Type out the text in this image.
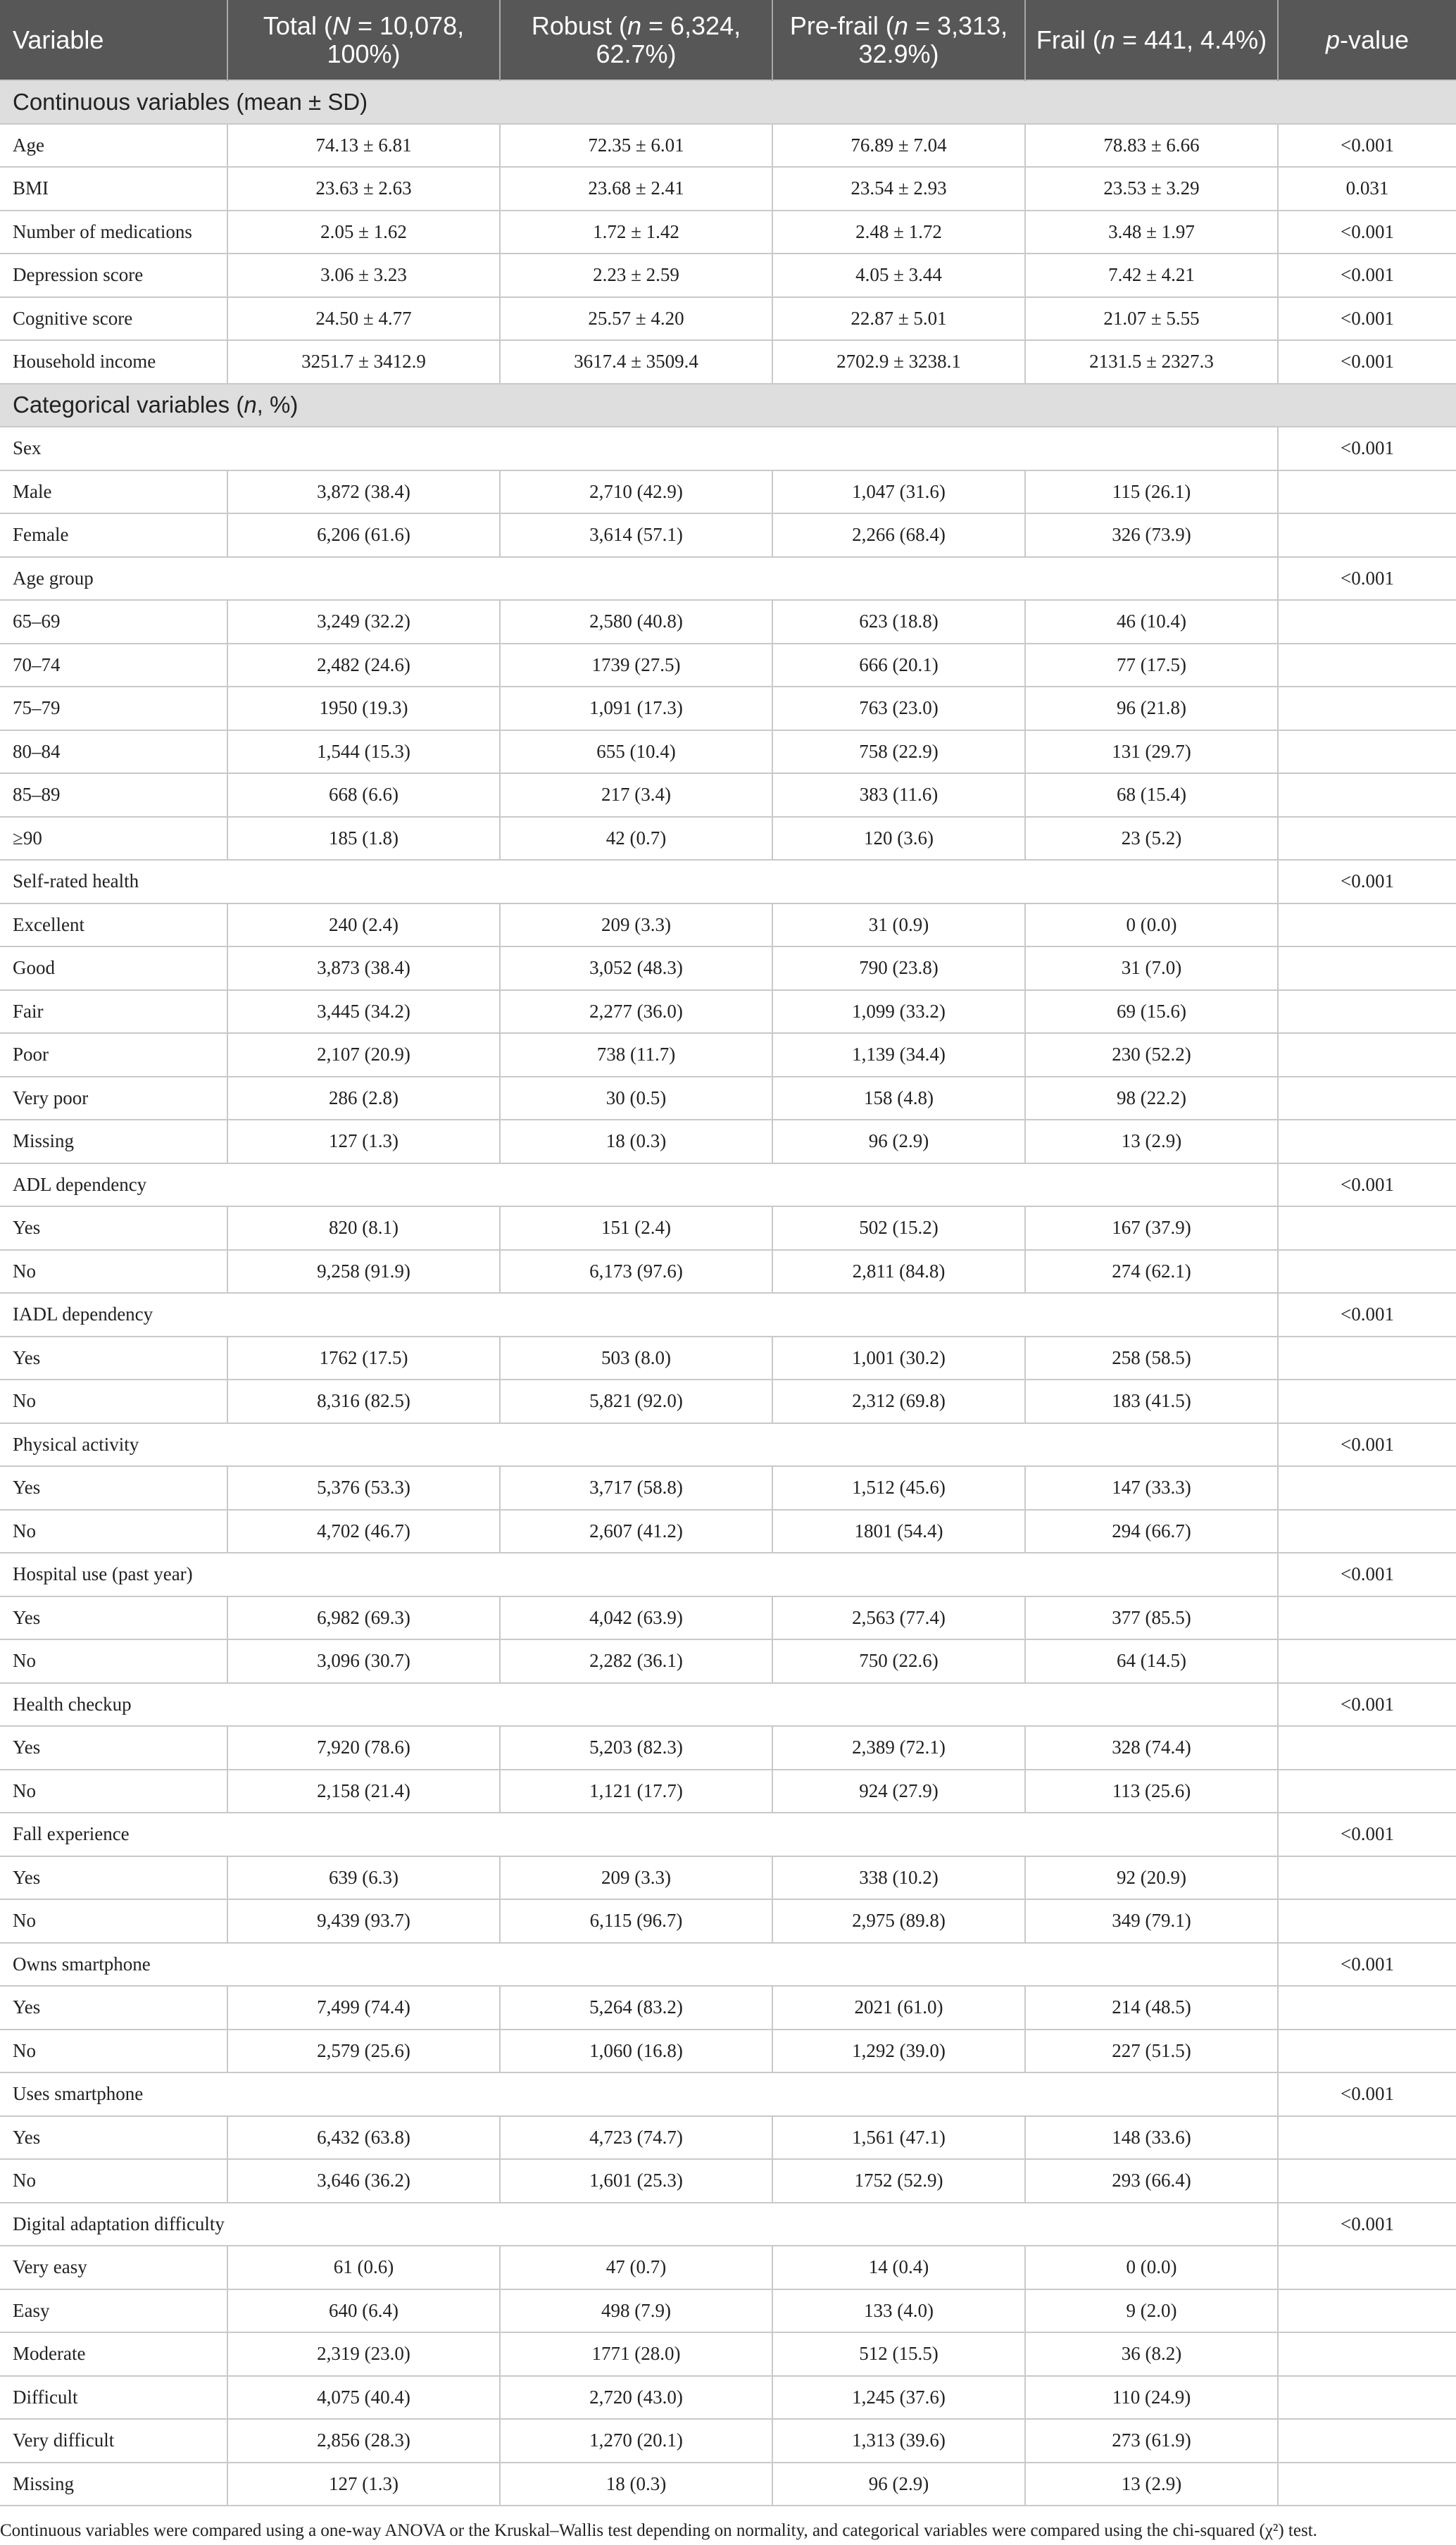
Variable	Total (N = 10,078, 100%)	Robust (n = 6,324, 62.7%)	Pre-frail (n = 3,313, 32.9%)	Frail (n = 441, 4.4%)	p-value
Continuous variables (mean ± SD)					
Age	74.13 ± 6.81	72.35 ± 6.01	76.89 ± 7.04	78.83 ± 6.66	<0.001
BMI	23.63 ± 2.63	23.68 ± 2.41	23.54 ± 2.93	23.53 ± 3.29	0.031
Number of medications	2.05 ± 1.62	1.72 ± 1.42	2.48 ± 1.72	3.48 ± 1.97	<0.001
Depression score	3.06 ± 3.23	2.23 ± 2.59	4.05 ± 3.44	7.42 ± 4.21	<0.001
Cognitive score	24.50 ± 4.77	25.57 ± 4.20	22.87 ± 5.01	21.07 ± 5.55	<0.001
Household income	3251.7 ± 3412.9	3617.4 ± 3509.4	2702.9 ± 3238.1	2131.5 ± 2327.3	<0.001
Categorical variables (n, %)					
Sex					<0.001
Male	3,872 (38.4)	2,710 (42.9)	1,047 (31.6)	115 (26.1)	
Female	6,206 (61.6)	3,614 (57.1)	2,266 (68.4)	326 (73.9)	
Age group					<0.001
65–69	3,249 (32.2)	2,580 (40.8)	623 (18.8)	46 (10.4)	
70–74	2,482 (24.6)	1739 (27.5)	666 (20.1)	77 (17.5)	
75–79	1950 (19.3)	1,091 (17.3)	763 (23.0)	96 (21.8)	
80–84	1,544 (15.3)	655 (10.4)	758 (22.9)	131 (29.7)	
85–89	668 (6.6)	217 (3.4)	383 (11.6)	68 (15.4)	
≥90	185 (1.8)	42 (0.7)	120 (3.6)	23 (5.2)	
Self-rated health					<0.001
Excellent	240 (2.4)	209 (3.3)	31 (0.9)	0 (0.0)	
Good	3,873 (38.4)	3,052 (48.3)	790 (23.8)	31 (7.0)	
Fair	3,445 (34.2)	2,277 (36.0)	1,099 (33.2)	69 (15.6)	
Poor	2,107 (20.9)	738 (11.7)	1,139 (34.4)	230 (52.2)	
Very poor	286 (2.8)	30 (0.5)	158 (4.8)	98 (22.2)	
Missing	127 (1.3)	18 (0.3)	96 (2.9)	13 (2.9)	
ADL dependency					<0.001
Yes	820 (8.1)	151 (2.4)	502 (15.2)	167 (37.9)	
No	9,258 (91.9)	6,173 (97.6)	2,811 (84.8)	274 (62.1)	
IADL dependency					<0.001
Yes	1762 (17.5)	503 (8.0)	1,001 (30.2)	258 (58.5)	
No	8,316 (82.5)	5,821 (92.0)	2,312 (69.8)	183 (41.5)	
Physical activity					<0.001
Yes	5,376 (53.3)	3,717 (58.8)	1,512 (45.6)	147 (33.3)	
No	4,702 (46.7)	2,607 (41.2)	1801 (54.4)	294 (66.7)	
Hospital use (past year)					<0.001
Yes	6,982 (69.3)	4,042 (63.9)	2,563 (77.4)	377 (85.5)	
No	3,096 (30.7)	2,282 (36.1)	750 (22.6)	64 (14.5)	
Health checkup					<0.001
Yes	7,920 (78.6)	5,203 (82.3)	2,389 (72.1)	328 (74.4)	
No	2,158 (21.4)	1,121 (17.7)	924 (27.9)	113 (25.6)	
Fall experience					<0.001
Yes	639 (6.3)	209 (3.3)	338 (10.2)	92 (20.9)	
No	9,439 (93.7)	6,115 (96.7)	2,975 (89.8)	349 (79.1)	
Owns smartphone					<0.001
Yes	7,499 (74.4)	5,264 (83.2)	2021 (61.0)	214 (48.5)	
No	2,579 (25.6)	1,060 (16.8)	1,292 (39.0)	227 (51.5)	
Uses smartphone					<0.001
Yes	6,432 (63.8)	4,723 (74.7)	1,561 (47.1)	148 (33.6)	
No	3,646 (36.2)	1,601 (25.3)	1752 (52.9)	293 (66.4)	
Digital adaptation difficulty					<0.001
Very easy	61 (0.6)	47 (0.7)	14 (0.4)	0 (0.0)	
Easy	640 (6.4)	498 (7.9)	133 (4.0)	9 (2.0)	
Moderate	2,319 (23.0)	1771 (28.0)	512 (15.5)	36 (8.2)	
Difficult	4,075 (40.4)	2,720 (43.0)	1,245 (37.6)	110 (24.9)	
Very difficult	2,856 (28.3)	1,270 (20.1)	1,313 (39.6)	273 (61.9)	
Missing	127 (1.3)	18 (0.3)	96 (2.9)	13 (2.9)	
Continuous variables were compared using a one-way ANOVA or the Kruskal–Wallis test depending on normality, and categorical variables were compared using the chi-squared (χ²) test.
